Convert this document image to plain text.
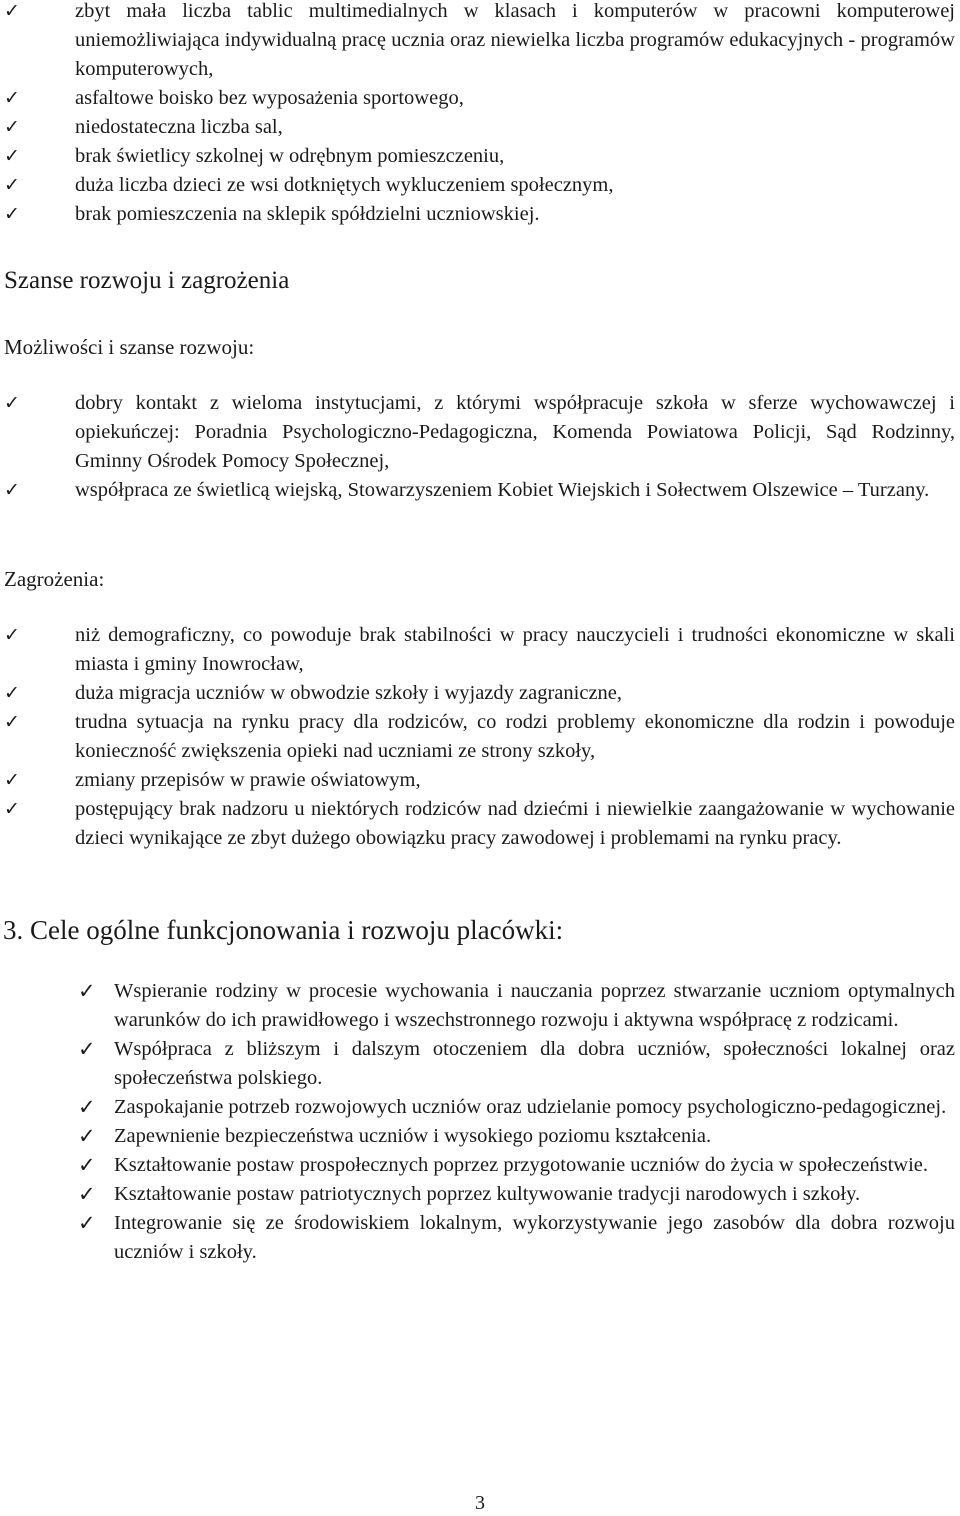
✓	zbyt mała liczba tablic multimedialnych w klasach i komputerów w pracowni komputerowej uniemożliwiająca indywidualną pracę ucznia oraz niewielka liczba programów edukacyjnych - programów komputerowych,
✓	asfaltowe boisko bez wyposażenia sportowego,
✓	niedostateczna liczba sal,
✓	brak świetlicy szkolnej w odrębnym pomieszczeniu,
✓	duża liczba dzieci ze wsi dotkniętych wykluczeniem społecznym,
✓	brak pomieszczenia na sklepik spółdzielni uczniowskiej.
Szanse rozwoju i zagrożenia
Możliwości i szanse rozwoju:
✓	dobry kontakt z wieloma instytucjami, z którymi współpracuje szkoła w sferze wychowawczej i opiekuńczej: Poradnia Psychologiczno-Pedagogiczna, Komenda Powiatowa Policji, Sąd Rodzinny, Gminny Ośrodek Pomocy Społecznej,
✓	współpraca ze świetlicą wiejską, Stowarzyszeniem Kobiet Wiejskich i Sołectwem Olszewice – Turzany.
Zagrożenia:
✓	niż demograficzny, co powoduje brak stabilności w pracy nauczycieli i trudności ekonomiczne w skali miasta i gminy Inowrocław,
✓	duża migracja uczniów w obwodzie szkoły i wyjazdy zagraniczne,
✓	trudna sytuacja na rynku pracy dla rodziców, co rodzi problemy ekonomiczne dla rodzin i powoduje konieczność zwiększenia opieki nad uczniami ze strony szkoły,
✓	zmiany przepisów w prawie oświatowym,
✓	postępujący brak nadzoru u niektórych rodziców nad dziećmi i niewielkie zaangażowanie w wychowanie dzieci wynikające ze zbyt dużego obowiązku pracy zawodowej i problemami na rynku pracy.
3. Cele ogólne funkcjonowania i rozwoju placówki:
✓ Wspieranie rodziny w procesie wychowania i nauczania poprzez stwarzanie uczniom optymalnych warunków do ich prawidłowego i wszechstronnego rozwoju i aktywna współpracę z rodzicami.
✓ Współpraca z bliższym i dalszym otoczeniem dla dobra uczniów, społeczności lokalnej oraz społeczeństwa polskiego.
✓ Zaspokajanie potrzeb rozwojowych uczniów oraz udzielanie pomocy psychologiczno-pedagogicznej.
✓ Zapewnienie bezpieczeństwa uczniów i wysokiego poziomu kształcenia.
✓ Kształtowanie postaw prospołecznych poprzez przygotowanie uczniów do życia w społeczeństwie.
✓ Kształtowanie postaw patriotycznych poprzez kultywowanie tradycji narodowych i szkoły.
✓ Integrowanie się ze środowiskiem lokalnym, wykorzystywanie jego zasobów dla dobra rozwoju uczniów i szkoły.
3
